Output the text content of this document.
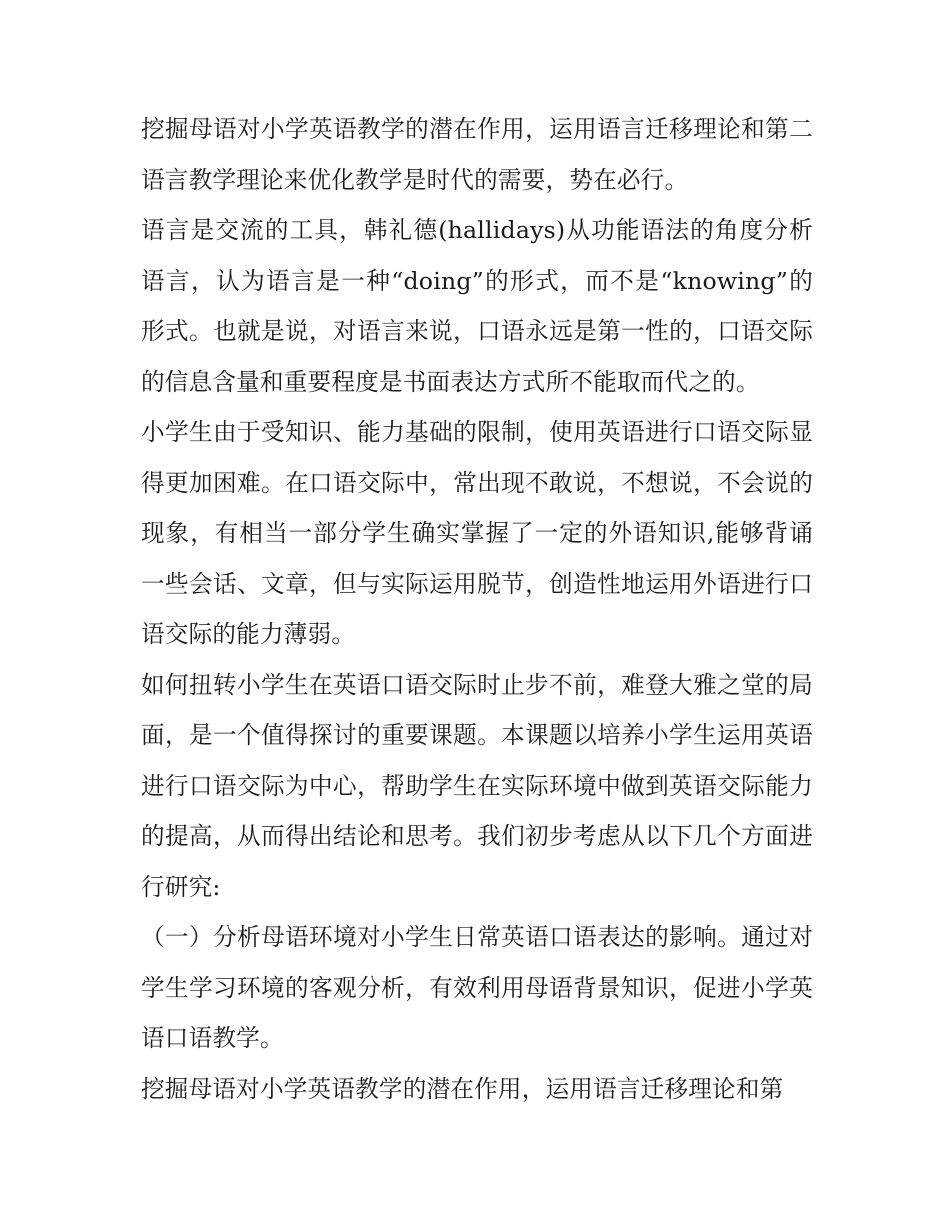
挖掘母语对小学英语教学的潜在作用，运用语言迁移理论和第二语言教学理论来优化教学是时代的需要，势在必行。

语言是交流的工具，韩礼德(hallidays)从功能语法的角度分析语言，认为语言是一种“doing”的形式，而不是“knowing”的形式。也就是说，对语言来说，口语永远是第一性的，口语交际的信息含量和重要程度是书面表达方式所不能取而代之的。

小学生由于受知识、能力基础的限制，使用英语进行口语交际显得更加困难。在口语交际中，常出现不敢说，不想说，不会说的现象，有相当一部分学生确实掌握了一定的外语知识,能够背诵一些会话、文章，但与实际运用脱节，创造性地运用外语进行口语交际的能力薄弱。

如何扭转小学生在英语口语交际时止步不前，难登大雅之堂的局面，是一个值得探讨的重要课题。本课题以培养小学生运用英语进行口语交际为中心，帮助学生在实际环境中做到英语交际能力的提高，从而得出结论和思考。我们初步考虑从以下几个方面进行研究:

（一）分析母语环境对小学生日常英语口语表达的影响。通过对学生学习环境的客观分析，有效利用母语背景知识，促进小学英语口语教学。

挖掘母语对小学英语教学的潜在作用，运用语言迁移理论和第
